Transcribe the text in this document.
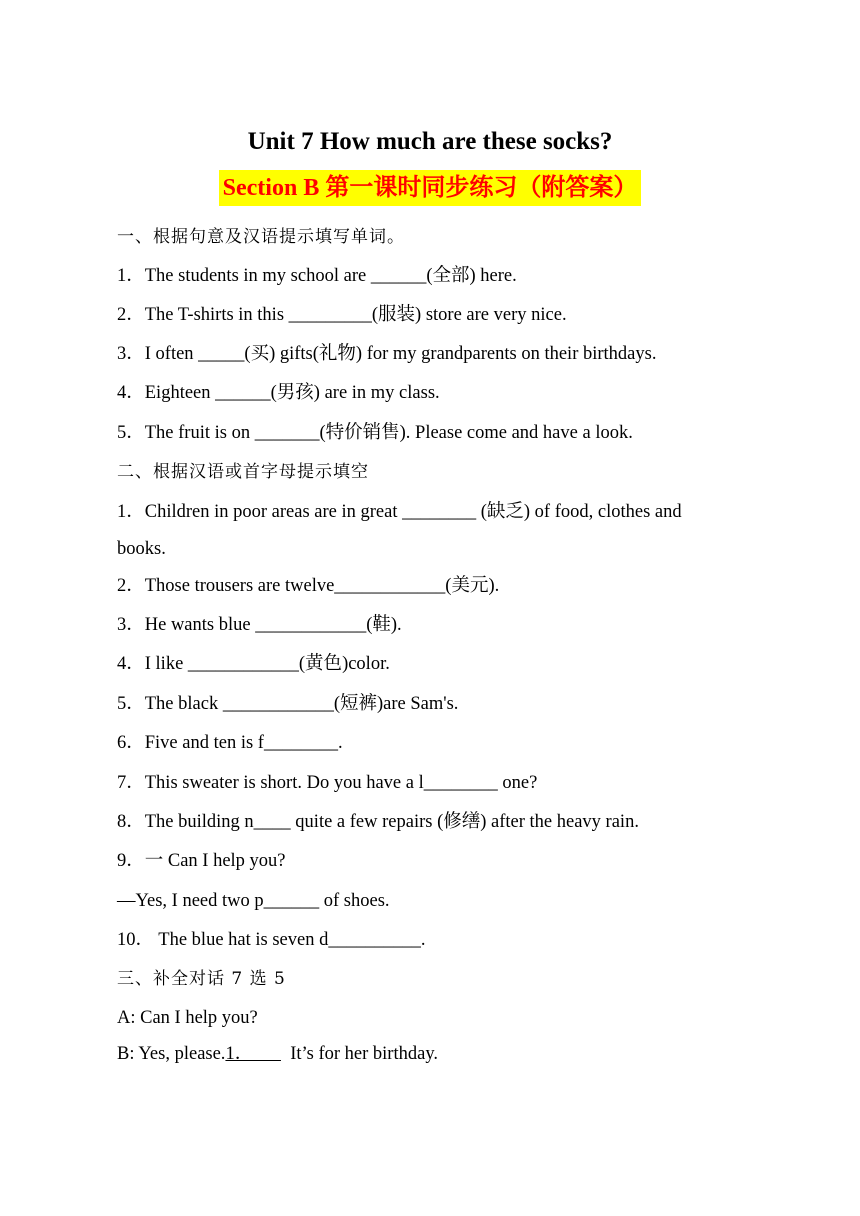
Unit 7 How much are these socks?
Section B 第一课时同步练习（附答案）
一、根据句意及汉语提示填写单词。
1．The students in my school are ______(全部) here.
2．The T-shirts in this _________(服装) store are very nice.
3．I often _____(买) gifts(礼物) for my grandparents on their birthdays.
4．Eighteen ______(男孩) are in my class.
5．The fruit is on _______(特价销售). Please come and have a look.
二、根据汉语或首字母提示填空
1．Children in poor areas are in great ________ (缺乏) of food, clothes and
books.
2．Those trousers are twelve____________(美元).
3．He wants blue ____________(鞋).
4．I like ____________(黄色)color.
5．The black ____________(短裤)are Sam's.
6．Five and ten is f________.
7．This sweater is short. Do you have a l________ one?
8．The building n____ quite a few repairs (修缮) after the heavy rain.
9．一 Can I help you?
—Yes, I need two p______ of shoes.
10． The blue hat is seven d__________.
三、补全对话 7 选 5
A: Can I help you?
B: Yes, please.1．        It’s for her birthday.
